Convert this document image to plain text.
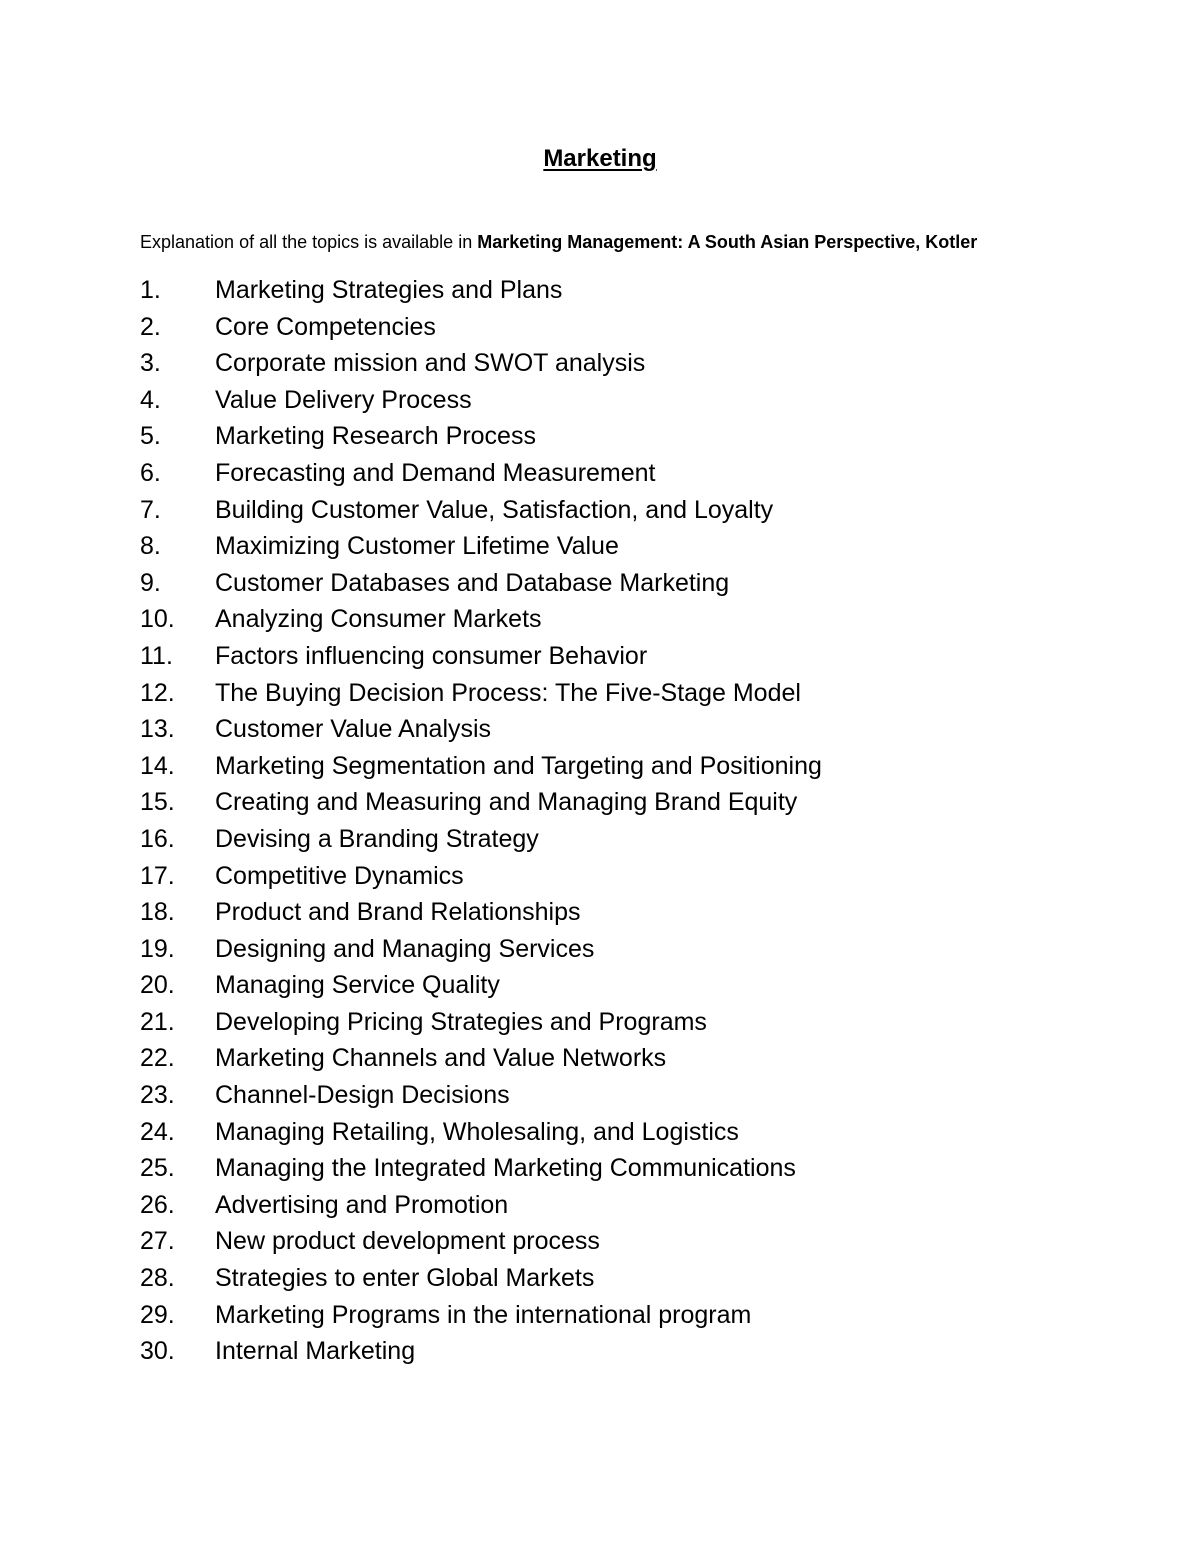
Marketing

Explanation of all the topics is available in Marketing Management: A South Asian Perspective, Kotler

1.	Marketing Strategies and Plans
2.	Core Competencies
3.	Corporate mission and SWOT analysis
4.	Value Delivery Process
5.	Marketing Research Process
6.	Forecasting and Demand Measurement
7.	Building Customer Value, Satisfaction, and Loyalty
8.	Maximizing Customer Lifetime Value
9.	Customer Databases and Database Marketing
10.	Analyzing Consumer Markets
11.	Factors influencing consumer Behavior
12.	The Buying Decision Process: The Five-Stage Model
13.	Customer Value Analysis
14.	Marketing Segmentation and Targeting and Positioning
15.	Creating and Measuring and Managing Brand Equity
16.	Devising a Branding Strategy
17.	Competitive Dynamics
18.	Product and Brand Relationships
19.	Designing and Managing Services
20.	Managing Service Quality
21.	Developing Pricing Strategies and Programs
22.	Marketing Channels and Value Networks
23.	Channel-Design Decisions
24.	Managing Retailing, Wholesaling, and Logistics
25.	Managing the Integrated Marketing Communications
26.	Advertising and Promotion
27.	New product development process
28.	Strategies to enter Global Markets
29.	Marketing Programs in the international program
30.	Internal Marketing
